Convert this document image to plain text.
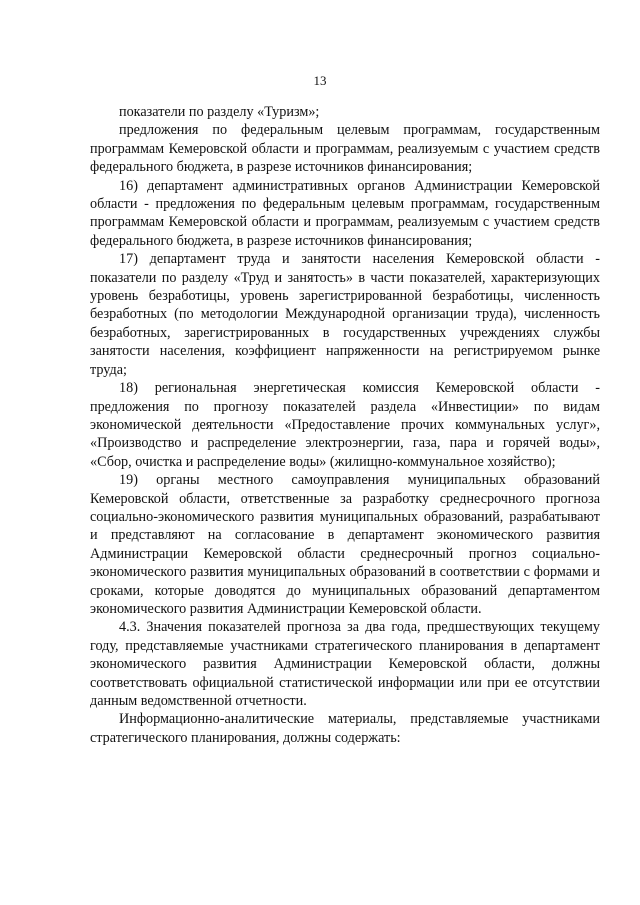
13

показатели по разделу «Туризм»;

предложения по федеральным целевым программам, государственным программам Кемеровской области и программам, реализуемым с участием средств федерального бюджета, в разрезе источников финансирования;

16) департамент административных органов Администрации Кемеровской области - предложения по федеральным целевым программам, государственным программам Кемеровской области и программам, реализуемым с участием средств федерального бюджета, в разрезе источников финансирования;

17) департамент труда и занятости населения Кемеровской области - показатели по разделу «Труд и занятость» в части показателей, характеризующих уровень безработицы, уровень зарегистрированной безработицы, численность безработных (по методологии Международной организации труда), численность безработных, зарегистрированных в государственных учреждениях службы занятости населения, коэффициент напряженности на регистрируемом рынке труда;

18) региональная энергетическая комиссия Кемеровской области - предложения по прогнозу показателей раздела «Инвестиции» по видам экономической деятельности «Предоставление прочих коммунальных услуг», «Производство и распределение электроэнергии, газа, пара и горячей воды», «Сбор, очистка и распределение воды» (жилищно-коммунальное хозяйство);

19) органы местного самоуправления муниципальных образований Кемеровской области, ответственные за разработку среднесрочного прогноза социально-экономического развития муниципальных образований, разрабатывают и представляют на согласование в департамент экономического развития Администрации Кемеровской области среднесрочный прогноз социально-экономического развития муниципальных образований в соответствии с формами и сроками, которые доводятся до муниципальных образований департаментом экономического развития Администрации Кемеровской области.

4.3. Значения показателей прогноза за два года, предшествующих текущему году, представляемые участниками стратегического планирования в департамент экономического развития Администрации Кемеровской области, должны соответствовать официальной статистической информации или при ее отсутствии данным ведомственной отчетности.

Информационно-аналитические материалы, представляемые участниками стратегического планирования, должны содержать:
